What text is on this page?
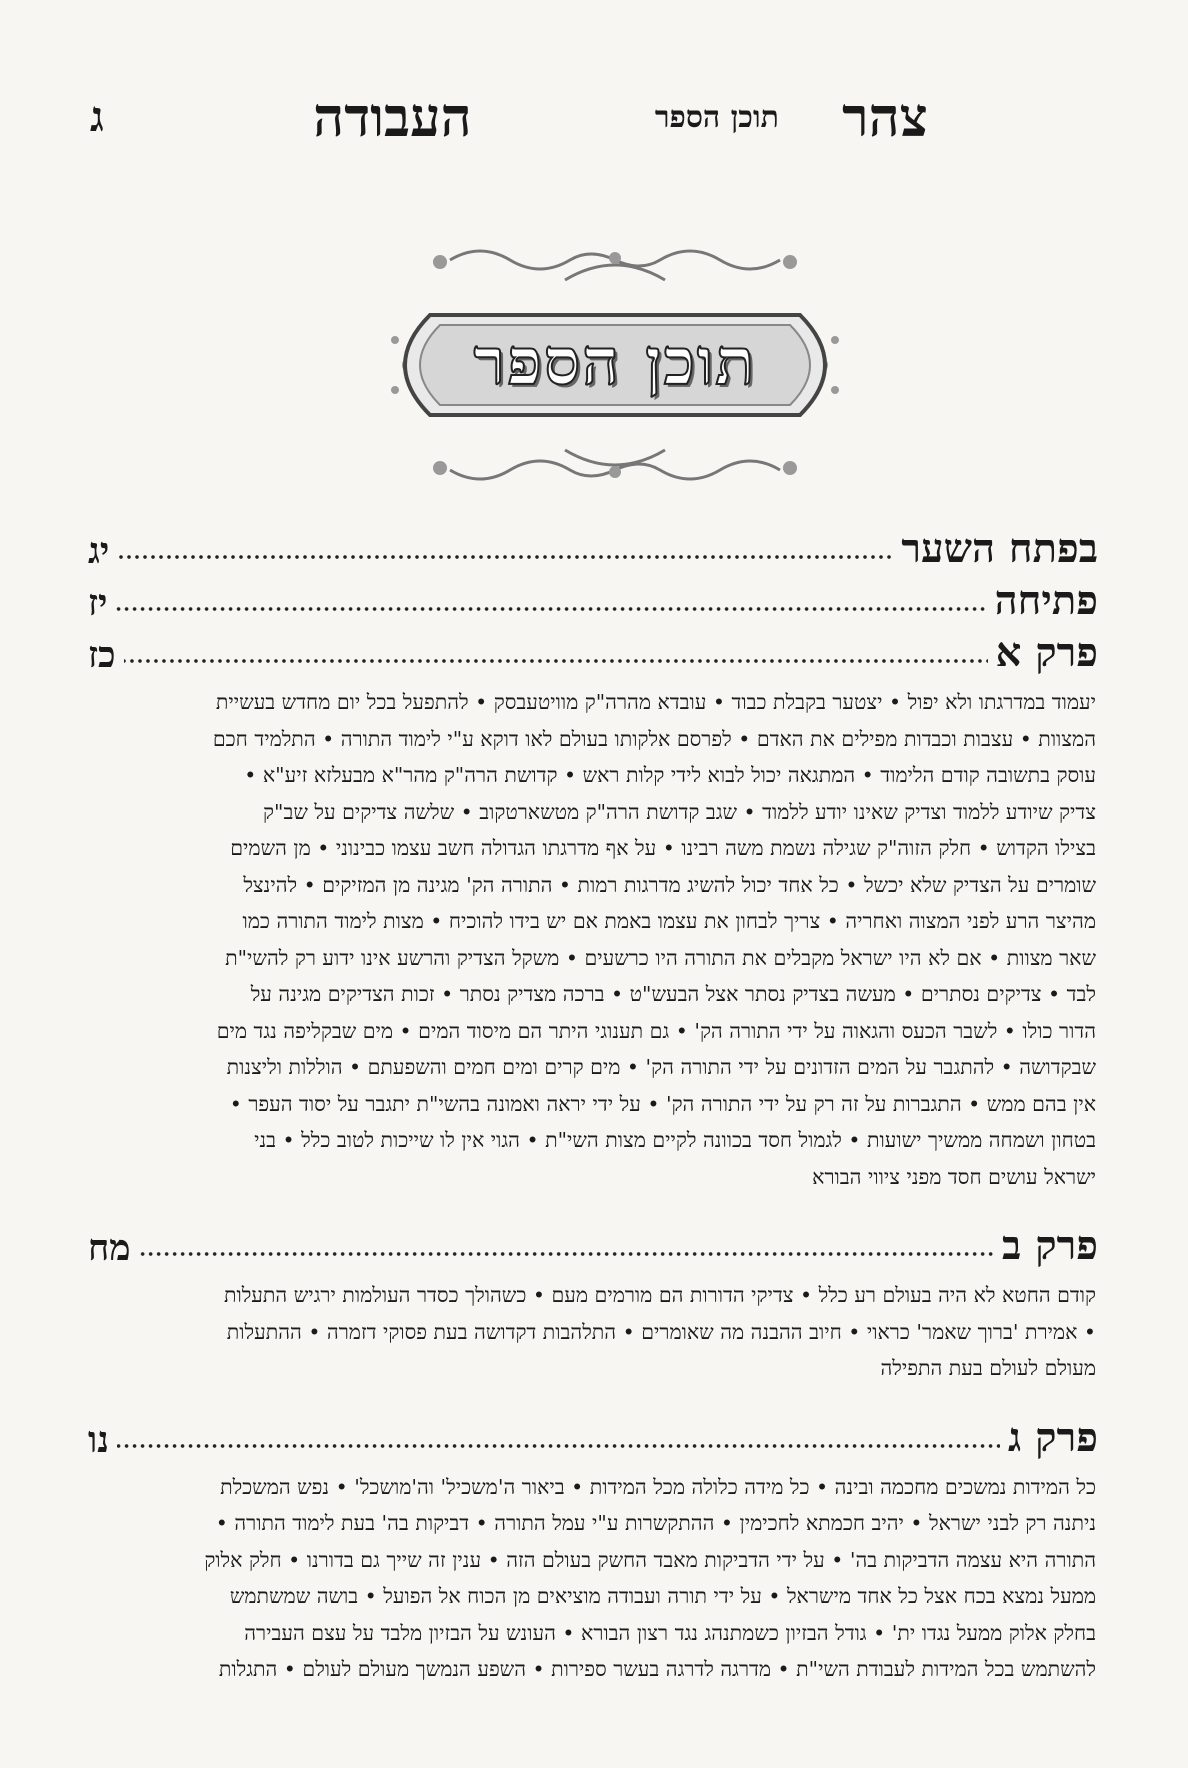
ג	העבודה	תוכן הספר צהר
תוכן הספר
בפתח השער
יג
פתיחה
יז
פרק א
כז
יעמוד במדרגתו ולא יפול • יצטער בקבלת כבוד • עובדא מהרה"ק מוויטעבסק • להתפעל בכל יום מחדש בעשיית
המצוות • עצבות וכבדות מפילים את האדם • לפרסם אלקותו בעולם לאו דוקא ע"י לימוד התורה • התלמיד חכם
עוסק בתשובה קודם הלימוד • המתגאה יכול לבוא לידי קלות ראש • קדושת הרה"ק מהר"א מבעלזא זיע"א •
צדיק שיודע ללמוד וצדיק שאינו יודע ללמוד • שגב קדושת הרה"ק מטשארטקוב • שלשה צדיקים על שב"ק
בצילו הקדוש • חלק הזוה"ק שגילה נשמת משה רבינו • על אף מדרגתו הגדולה חשב עצמו כבינוני • מן השמים
שומרים על הצדיק שלא יכשל • כל אחד יכול להשיג מדרגות רמות • התורה הק' מגינה מן המזיקים • להינצל
מהיצר הרע לפני המצוה ואחריה • צריך לבחון את עצמו באמת אם יש בידו להוכיח • מצות לימוד התורה כמו
שאר מצוות • אם לא היו ישראל מקבלים את התורה היו כרשעים • משקל הצדיק והרשע אינו ידוע רק להשי"ת
לבד • צדיקים נסתרים • מעשה בצדיק נסתר אצל הבעש"ט • ברכה מצדיק נסתר • זכות הצדיקים מגינה על
הדור כולו • לשבר הכעס והגאוה על ידי התורה הק' • גם תענוגי היתר הם מיסוד המים • מים שבקליפה נגד מים
שבקדושה • להתגבר על המים הזדונים על ידי התורה הק' • מים קרים ומים חמים והשפעתם • הוללות וליצנות
אין בהם ממש • התגברות על זה רק על ידי התורה הק' • על ידי יראה ואמונה בהשי"ת יתגבר על יסוד העפר •
בטחון ושמחה ממשיך ישועות • לגמול חסד בכוונה לקיים מצות השי"ת • הגוי אין לו שייכות לטוב כלל • בני
ישראל עושים חסד מפני ציווי הבורא
פרק ב
מח
קודם החטא לא היה בעולם רע כלל • צדיקי הדורות הם מורמים מעם • כשהולך כסדר העולמות ירגיש התעלות
• אמירת 'ברוך שאמר' כראוי • חיוב ההבנה מה שאומרים • התלהבות דקדושה בעת פסוקי דזמרה • ההתעלות
מעולם לעולם בעת התפילה
פרק ג
נו
כל המידות נמשכים מחכמה ובינה • כל מידה כלולה מכל המידות • ביאור ה'משכיל' וה'מושכל' • נפש המשכלת
ניתנה רק לבני ישראל • יהיב חכמתא לחכימין • ההתקשרות ע"י עמל התורה • דביקות בה' בעת לימוד התורה •
התורה היא עצמה הדביקות בה' • על ידי הדביקות מאבד החשק בעולם הזה • ענין זה שייך גם בדורנו • חלק אלוק
ממעל נמצא בכח אצל כל אחד מישראל • על ידי תורה ועבודה מוציאים מן הכוח אל הפועל • בושה שמשתמש
בחלק אלוק ממעל נגדו ית' • גודל הבזיון כשמתנהג נגד רצון הבורא • העונש על הבזיון מלבד על עצם העבירה
להשתמש בכל המידות לעבודת השי"ת • מדרגה לדרגה בעשר ספירות • השפע הנמשך מעולם לעולם • התגלות
